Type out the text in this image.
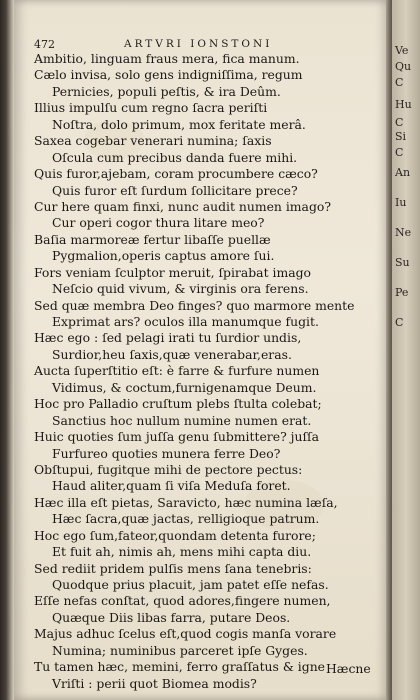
472	ARTVRI IONSTONI
Ambitio, linguam fraus mera, fica manum.
Cælo invisa, solo gens indigniſſima, regum
Pernicies, populi peſtis, & ira Deûm.
Illius impulſu cum regno ſacra periſti
Noſtra, dolo primum, mox feritate merâ.
Saxea cogebar venerari numina; ſaxis
Oſcula cum precibus danda fuere mihi.
Quis furor,ajebam, coram procumbere cæco?
Quis furor eſt ſurdum ſollicitare prece?
Cur here quam finxi, nunc audit numen imago?
Cur operi cogor thura litare meo?
Baſia marmoreæ fertur libaſſe puellæ
Pygmalion,operis captus amore ſui.
Fors veniam ſculptor meruit, ſpirabat imago
Neſcio quid vivum, & virginis ora ferens.
Sed quæ membra Deo finges? quo marmore mente
Exprimat ars? oculos illa manumque fugit.
Hæc ego : ſed pelagi irati tu ſurdior undis,
Surdior,heu ſaxis,quæ venerabar,eras.
Aucta ſuperſtitio eſt: è farre & furfure numen
Vidimus, & coctum,furnigenamque Deum.
Hoc pro Palladio cruſtum plebs ſtulta colebat;
Sanctius hoc nullum numine numen erat.
Huic quoties ſum juſſa genu ſubmittere? juſſa
Furfureo quoties munera ferre Deo?
Obſtupui, fugitque mihi de pectore pectus:
Haud aliter,quam ſi viſa Meduſa foret.
Hæc illa eſt pietas, Saravicto, hæc numina læſa,
Hæc ſacra,quæ jactas, relligioque patrum.
Hoc ego ſum,fateor,quondam detenta furore;
Et fuit ah, nimis ah, mens mihi capta diu.
Sed rediit pridem pulſis mens ſana tenebris:
Quodque prius placuit, jam patet eſſe nefas.
Eſſe nefas conſtat, quod adores,fingere numen,
Quæque Diis libas farra, putare Deos.
Majus adhuc ſcelus eſt,quod cogis manſa vorare
Numina; numinibus parceret ipſe Gyges.
Tu tamen hæc, memini, ferro graſſatus & igne
Vriſti : perii quot Biomea modis?
Hæcne
Ve
Qu
C
Hu
C
Si
C
An
Iu
Ne
Su
Pe
C
